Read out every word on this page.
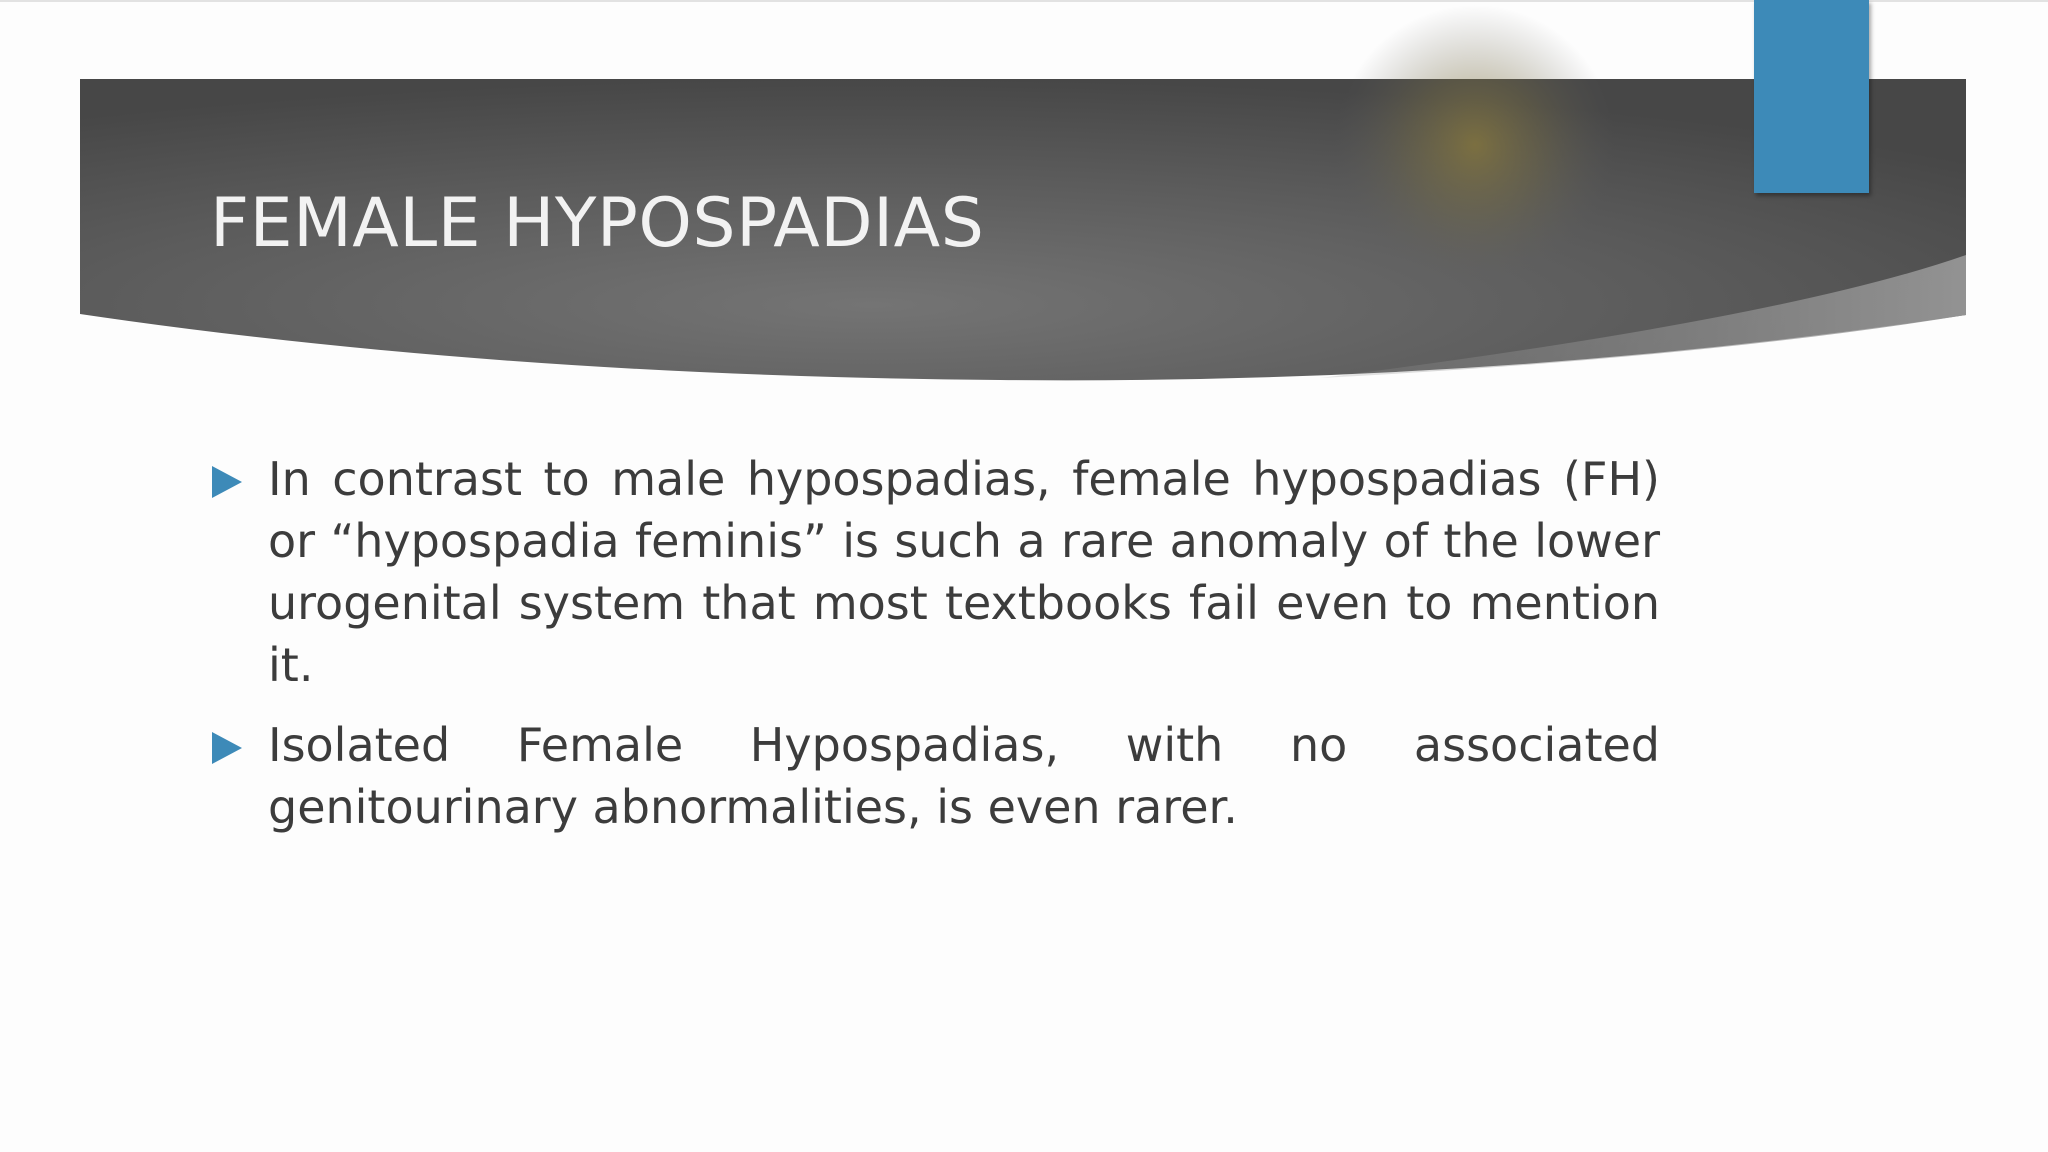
FEMALE HYPOSPADIAS
In contrast to male hypospadias, female hypospadias (FH) or “hypospadia feminis” is such a rare anomaly of the lower urogenital system that most textbooks fail even to mention it.
Isolated Female Hypospadias, with no associated genitourinary abnormalities, is even rarer.
